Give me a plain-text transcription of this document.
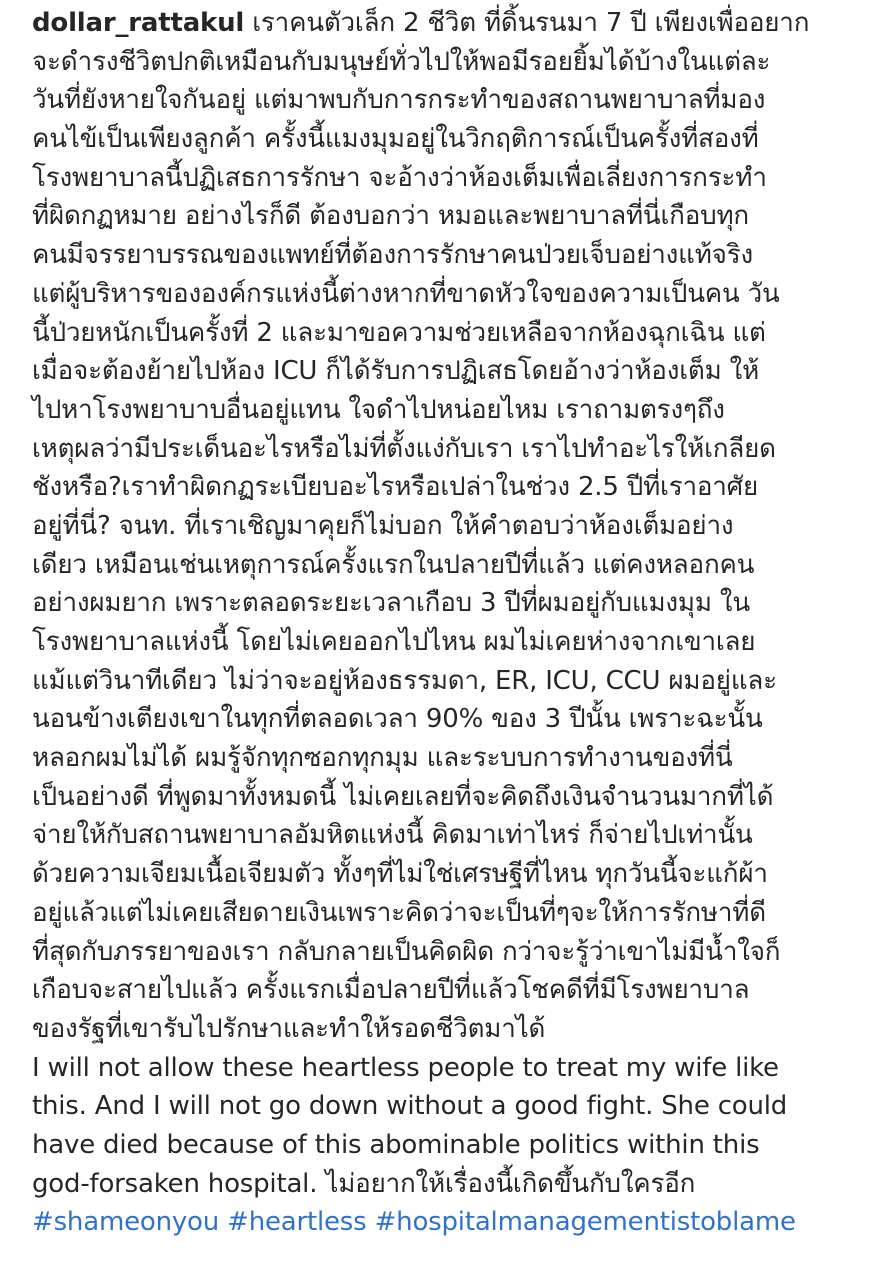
dollar_rattakul เราคนตัวเล็ก 2 ชีวิต ที่ดิ้นรนมา 7 ปี เพียงเพื่ออยาก
จะดำรงชีวิตปกติเหมือนกับมนุษย์ทั่วไปให้พอมีรอยยิ้มได้บ้างในแต่ละ
วันที่ยังหายใจกันอยู่ แต่มาพบกับการกระทำของสถานพยาบาลที่มอง
คนไข้เป็นเพียงลูกค้า ครั้งนี้แมงมุมอยู่ในวิกฤติการณ์เป็นครั้งที่สองที่
โรงพยาบาลนี้ปฏิเสธการรักษา จะอ้างว่าห้องเต็มเพื่อเลี่ยงการกระทำ
ที่ผิดกฏหมาย อย่างไรก็ดี ต้องบอกว่า หมอและพยาบาลที่นี่เกือบทุก
คนมีจรรยาบรรณของแพทย์ที่ต้องการรักษาคนป่วยเจ็บอย่างแท้จริง
แต่ผู้บริหารขององค์กรแห่งนี้ต่างหากที่ขาดหัวใจของความเป็นคน วัน
นี้ป่วยหนักเป็นครั้งที่ 2 และมาขอความช่วยเหลือจากห้องฉุกเฉิน แต่
เมื่อจะต้องย้ายไปห้อง ICU ก็ได้รับการปฏิเสธโดยอ้างว่าห้องเต็ม ให้
ไปหาโรงพยาบาบอื่นอยู่แทน ใจดำไปหน่อยไหม เราถามตรงๆถึง
เหตุผลว่ามีประเด็นอะไรหรือไม่ที่ตั้งแง่กับเรา เราไปทำอะไรให้เกลียด
ชังหรือ?เราทำผิดกฏระเบียบอะไรหรือเปล่าในช่วง 2.5 ปีที่เราอาศัย
อยู่ที่นี่? จนท. ที่เราเชิญมาคุยก็ไม่บอก ให้คำตอบว่าห้องเต็มอย่าง
เดียว เหมือนเช่นเหตุการณ์ครั้งแรกในปลายปีที่แล้ว แต่คงหลอกคน
อย่างผมยาก เพราะตลอดระยะเวลาเกือบ 3 ปีที่ผมอยู่กับแมงมุม ใน
โรงพยาบาลแห่งนี้ โดยไม่เคยออกไปไหน ผมไม่เคยห่างจากเขาเลย
แม้แต่วินาทีเดียว ไม่ว่าจะอยู่ห้องธรรมดา, ER, ICU, CCU ผมอยู่และ
นอนข้างเตียงเขาในทุกที่ตลอดเวลา 90% ของ 3 ปีนั้น เพราะฉะนั้น
หลอกผมไม่ได้ ผมรู้จักทุกซอกทุกมุม และระบบการทำงานของที่นี่
เป็นอย่างดี ที่พูดมาทั้งหมดนี้ ไม่เคยเลยที่จะคิดถึงเงินจำนวนมากที่ได้
จ่ายให้กับสถานพยาบาลอัมหิตแห่งนี้ คิดมาเท่าไหร่ ก็จ่ายไปเท่านั้น
ด้วยความเจียมเนื้อเจียมตัว ทั้งๆที่ไม่ใช่เศรษฐีที่ไหน ทุกวันนี้จะแก้ผ้า
อยู่แล้วแต่ไม่เคยเสียดายเงินเพราะคิดว่าจะเป็นที่ๆจะให้การรักษาที่ดี
ที่สุดกับภรรยาของเรา กลับกลายเป็นคิดผิด กว่าจะรู้ว่าเขาไม่มีน้ำใจก็
เกือบจะสายไปแล้ว ครั้งแรกเมื่อปลายปีที่แล้วโชคดีที่มีโรงพยาบาล
ของรัฐที่เขารับไปรักษาและทำให้รอดชีวิตมาได้
I will not allow these heartless people to treat my wife like
this. And I will not go down without a good fight. She could
have died because of this abominable politics within this
god-forsaken hospital. ไม่อยากให้เรื่องนี้เกิดขึ้นกับใครอีก
#shameonyou #heartless #hospitalmanagementistoblame
